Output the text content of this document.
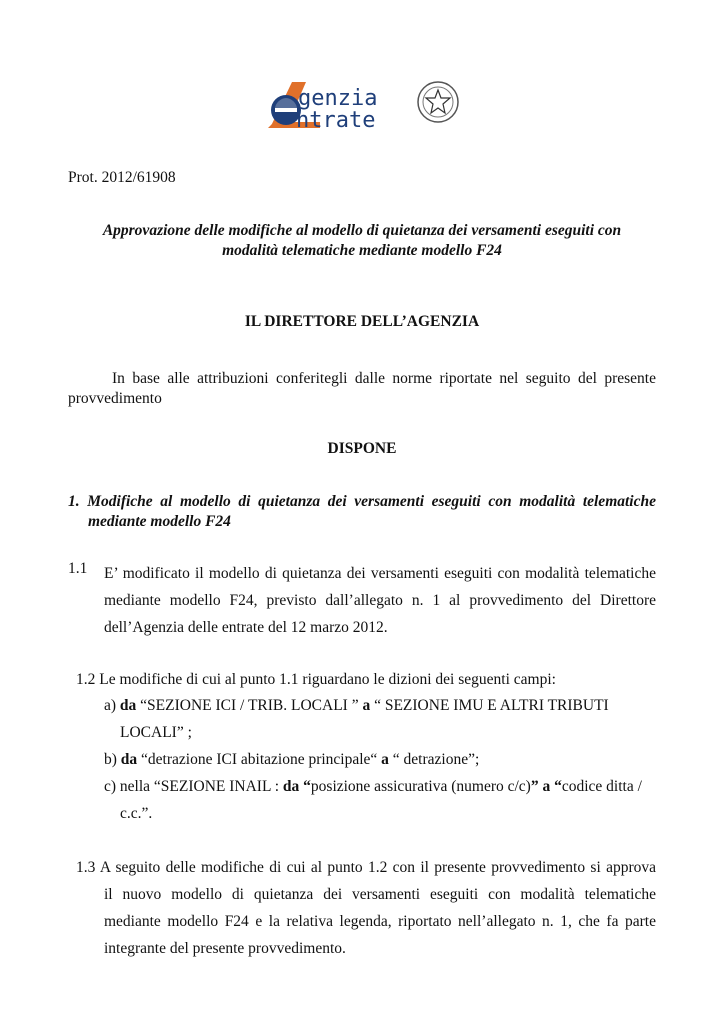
genzia
ntrate
Prot. 2012/61908
Approvazione delle modifiche al modello di quietanza dei versamenti eseguiti con
modalità telematiche mediante modello F24
IL DIRETTORE DELL’AGENZIA
In base alle attribuzioni conferitegli dalle norme riportate nel seguito del presente
provvedimento
DISPONE
1. Modifiche al modello di quietanza dei versamenti eseguiti con modalità telematiche
mediante modello F24
1.1 E’ modificato il modello di quietanza dei versamenti eseguiti con modalità telematiche
mediante modello F24, previsto dall’allegato n. 1 al provvedimento del Direttore
dell’Agenzia delle entrate del 12 marzo 2012.
1.2 Le modifiche di cui al punto 1.1 riguardano le dizioni dei seguenti campi:
a) da “SEZIONE ICI / TRIB. LOCALI ” a “ SEZIONE IMU E ALTRI TRIBUTI
LOCALI” ;
b) da “detrazione ICI abitazione principale“ a “ detrazione”;
c) nella “SEZIONE INAIL : da “posizione assicurativa (numero c/c)” a “codice ditta /
c.c.”.
1.3 A seguito delle modifiche di cui al punto 1.2 con il presente provvedimento si approva
il nuovo modello di quietanza dei versamenti eseguiti con modalità telematiche
mediante modello F24 e la relativa legenda, riportato nell’allegato n. 1, che fa parte
integrante del presente provvedimento.
